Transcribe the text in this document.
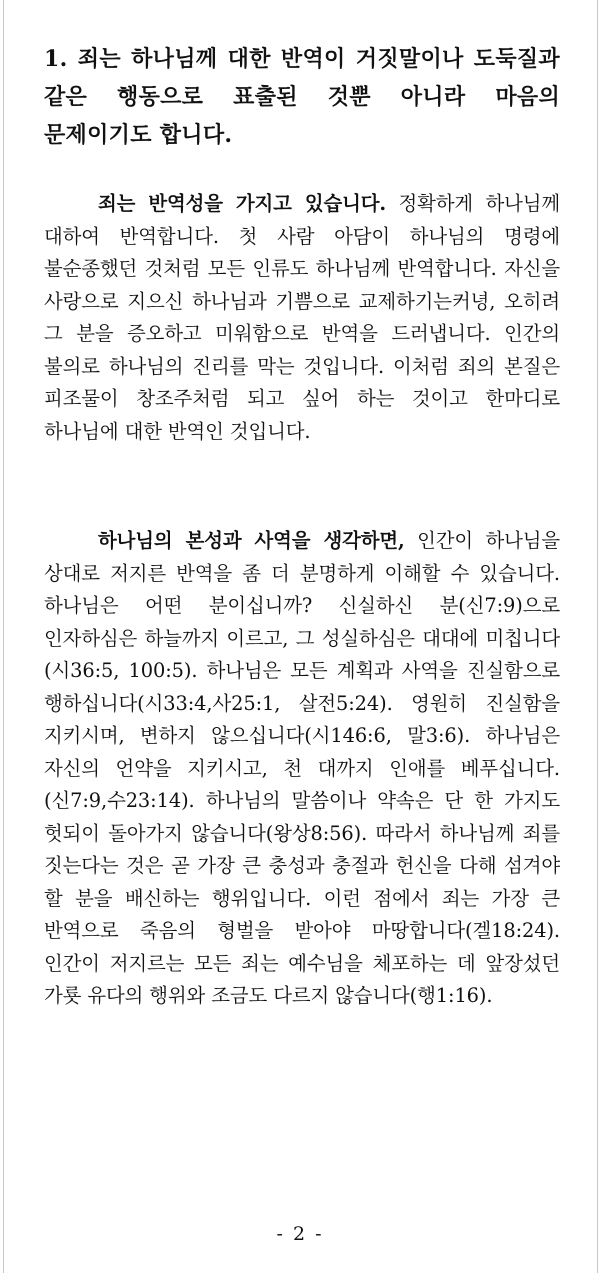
1. 죄는 하나님께 대한 반역이 거짓말이나 도둑질과 같은 행동으로 표출된 것뿐 아니라 마음의 문제이기도 합니다.

죄는 반역성을 가지고 있습니다. 정확하게 하나님께 대하여 반역합니다. 첫 사람 아담이 하나님의 명령에 불순종했던 것처럼 모든 인류도 하나님께 반역합니다. 자신을 사랑으로 지으신 하나님과 기쁨으로 교제하기는커녕, 오히려 그 분을 증오하고 미워함으로 반역을 드러냅니다. 인간의 불의로 하나님의 진리를 막는 것입니다. 이처럼 죄의 본질은 피조물이 창조주처럼 되고 싶어 하는 것이고 한마디로 하나님에 대한 반역인 것입니다.

하나님의 본성과 사역을 생각하면, 인간이 하나님을 상대로 저지른 반역을 좀 더 분명하게 이해할 수 있습니다. 하나님은 어떤 분이십니까? 신실하신 분(신7:9)으로 인자하심은 하늘까지 이르고, 그 성실하심은 대대에 미칩니다(시36:5, 100:5). 하나님은 모든 계획과 사역을 진실함으로 행하십니다(시33:4,사25:1, 살전5:24). 영원히 진실함을 지키시며, 변하지 않으십니다(시146:6, 말3:6). 하나님은 자신의 언약을 지키시고, 천 대까지 인애를 베푸십니다.(신7:9,수23:14). 하나님의 말씀이나 약속은 단 한 가지도 헛되이 돌아가지 않습니다(왕상8:56). 따라서 하나님께 죄를 짓는다는 것은 곧 가장 큰 충성과 충절과 헌신을 다해 섬겨야 할 분을 배신하는 행위입니다. 이런 점에서 죄는 가장 큰 반역으로 죽음의 형벌을 받아야 마땅합니다(겔18:24). 인간이 저지르는 모든 죄는 예수님을 체포하는 데 앞장섰던 가룟 유다의 행위와 조금도 다르지 않습니다(행1:16).

- 2 -
